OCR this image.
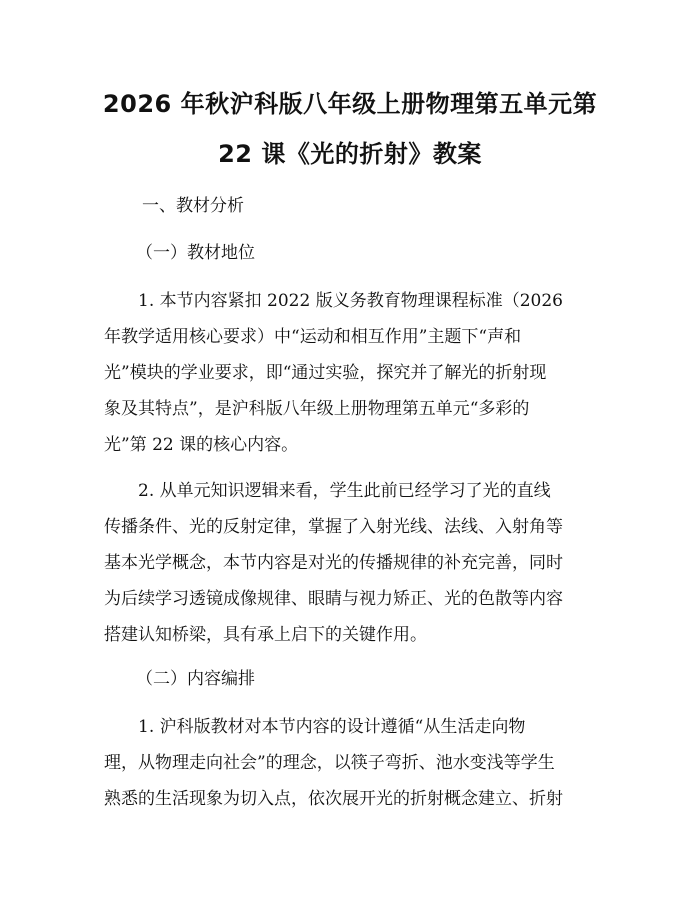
2026 年秋沪科版八年级上册物理第五单元第
22 课《光的折射》教案

一、教材分析

（一）教材地位

1. 本节内容紧扣 2022 版义务教育物理课程标准（2026

年教学适用核心要求）中“运动和相互作用”主题下“声和

光”模块的学业要求，即“通过实验，探究并了解光的折射现

象及其特点”，是沪科版八年级上册物理第五单元“多彩的

光”第 22 课的核心内容。

2. 从单元知识逻辑来看，学生此前已经学习了光的直线

传播条件、光的反射定律，掌握了入射光线、法线、入射角等

基本光学概念，本节内容是对光的传播规律的补充完善，同时

为后续学习透镜成像规律、眼睛与视力矫正、光的色散等内容

搭建认知桥梁，具有承上启下的关键作用。

（二）内容编排

1. 沪科版教材对本节内容的设计遵循“从生活走向物

理，从物理走向社会”的理念，以筷子弯折、池水变浅等学生

熟悉的生活现象为切入点，依次展开光的折射概念建立、折射
